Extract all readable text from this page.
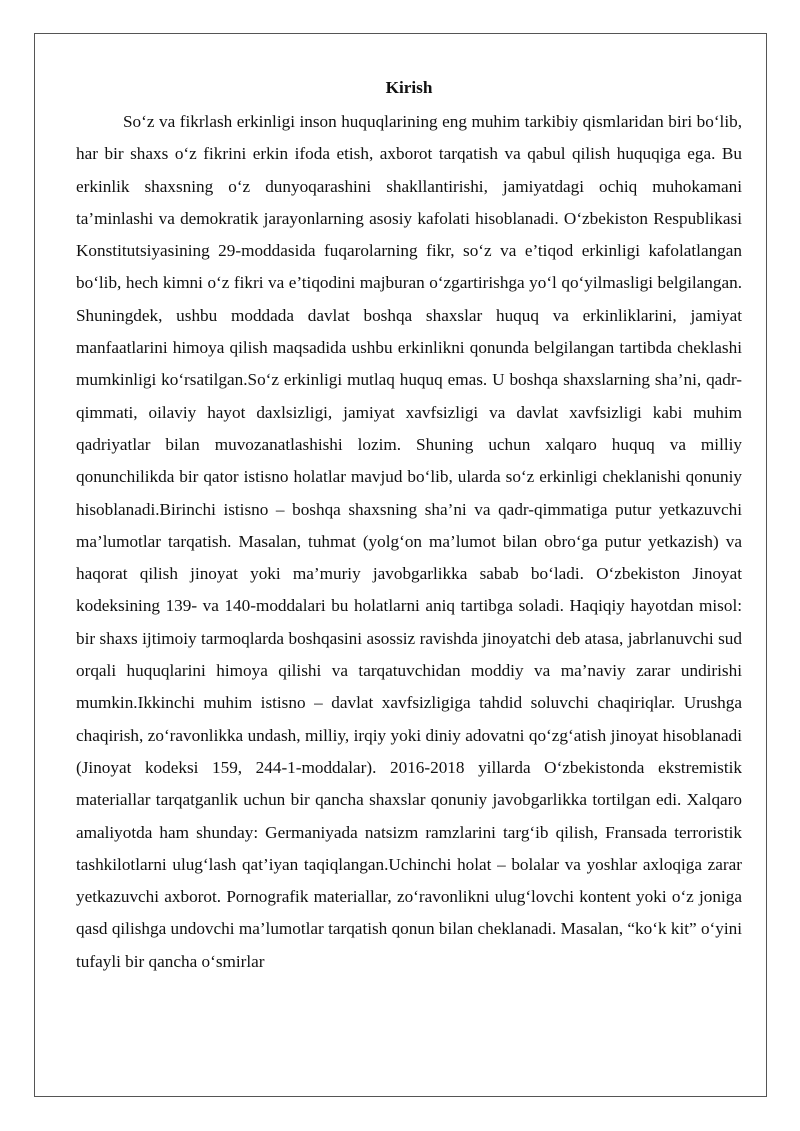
Kirish

So‘z va fikrlash erkinligi inson huquqlarining eng muhim tarkibiy qismlaridan biri bo‘lib, har bir shaxs o‘z fikrini erkin ifoda etish, axborot tarqatish va qabul qilish huquqiga ega. Bu erkinlik shaxsning o‘z dunyoqarashini shakllantirishi, jamiyatdagi ochiq muhokamani ta’minlashi va demokratik jarayonlarning asosiy kafolati hisoblanadi. O‘zbekiston Respublikasi Konstitutsiyasining 29-moddasida fuqarolarning fikr, so‘z va e’tiqod erkinligi kafolatlangan bo‘lib, hech kimni o‘z fikri va e’tiqodini majburan o‘zgartirishga yo‘l qo‘yilmasligi belgilangan. Shuningdek, ushbu moddada davlat boshqa shaxslar huquq va erkinliklarini, jamiyat manfaatlarini himoya qilish maqsadida ushbu erkinlikni qonunda belgilangan tartibda cheklashi mumkinligi ko‘rsatilgan.So‘z erkinligi mutlaq huquq emas. U boshqa shaxslarning sha’ni, qadr-qimmati, oilaviy hayot daxlsizligi, jamiyat xavfsizligi va davlat xavfsizligi kabi muhim qadriyatlar bilan muvozanatlashishi lozim. Shuning uchun xalqaro huquq va milliy qonunchilikda bir qator istisno holatlar mavjud bo‘lib, ularda so‘z erkinligi cheklanishi qonuniy hisoblanadi.Birinchi istisno – boshqa shaxsning sha’ni va qadr-qimmatiga putur yetkazuvchi ma’lumotlar tarqatish. Masalan, tuhmat (yolg‘on ma’lumot bilan obro‘ga putur yetkazish) va haqorat qilish jinoyat yoki ma’muriy javobgarlikka sabab bo‘ladi. O‘zbekiston Jinoyat kodeksining 139- va 140-moddalari bu holatlarni aniq tartibga soladi. Haqiqiy hayotdan misol: bir shaxs ijtimoiy tarmoqlarda boshqasini asossiz ravishda jinoyatchi deb atasa, jabrlanuvchi sud orqali huquqlarini himoya qilishi va tarqatuvchidan moddiy va ma’naviy zarar undirishi mumkin.Ikkinchi muhim istisno – davlat xavfsizligiga tahdid soluvchi chaqiriqlar. Urushga chaqirish, zo‘ravonlikka undash, milliy, irqiy yoki diniy adovatni qo‘zg‘atish jinoyat hisoblanadi (Jinoyat kodeksi 159, 244-1-moddalar). 2016-2018 yillarda O‘zbekistonda ekstremistik materiallar tarqatganlik uchun bir qancha shaxslar qonuniy javobgarlikka tortilgan edi. Xalqaro amaliyotda ham shunday: Germaniyada natsizm ramzlarini targ‘ib qilish, Fransada terroristik tashkilotlarni ulug‘lash qat’iyan taqiqlangan.Uchinchi holat – bolalar va yoshlar axloqiga zarar yetkazuvchi axborot. Pornografik materiallar, zo‘ravonlikni ulug‘lovchi kontent yoki o‘z joniga qasd qilishga undovchi ma’lumotlar tarqatish qonun bilan cheklanadi. Masalan, “ko‘k kit” o‘yini tufayli bir qancha o‘smirlar
